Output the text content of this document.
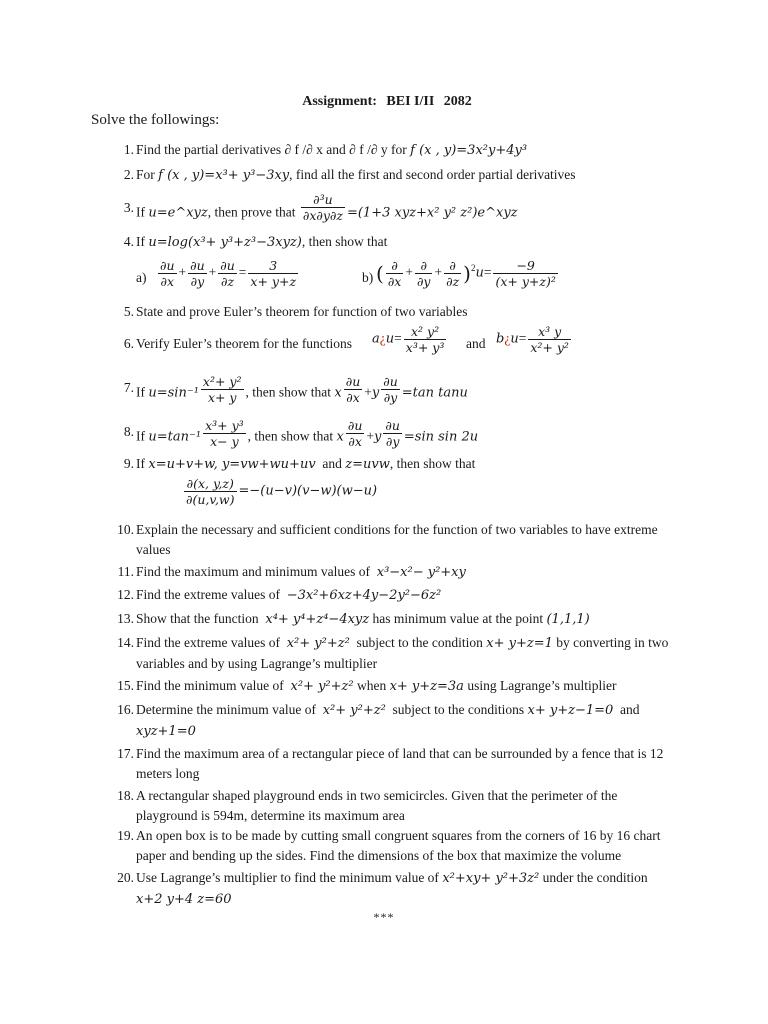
Assignment: BEI I/II 2082
Solve the followings:
1. Find the partial derivatives ∂ f /∂ x and ∂ f /∂ y for f (x , y)=3x²y+4y³
2. For f (x , y)=x³+ y³−3xy, find all the first and second order partial derivatives
3. If u=e^xyz, then prove that $\frac{\text{∂³u}}{\partial x\partial y\partial z} =(1+3$ xyz+x² y² z²)e^xyz
4. If u=log(x³+ y³+z³−3xyz), then show that
$a) \frac{\partial u}{\partial x} + \frac{\partial u}{\partial y} + \frac{\partial u}{\partial z} = \frac{3}{x+ y+z}$	b) ( $\frac{\partial}{\partial x} + \frac{\partial}{\partial y} + \frac{\partial}{\partial z} )^2u= \frac{-9}{\text{(x+ y+z)²}}$
5. State and prove Euler’s theorem for function of two variables
6. Verify Euler’s theorem for the functions a¿u= $\frac{\text{x² y²}}{\text{x³+ y³}}$ and b¿u= $\frac{\text{x³ y}}{\text{x²+ y²}}$
7. If $u=\sin^{-1} \frac{\text{x²+ y²}}{x+ y}$ , then show that x $\frac{\partial u}{\partial x} +y \frac{\partial u}{\partial y} =\tan$ tanu
8. If $u=\tan^{-1} \frac{\text{x³+ y³}}{x- y}$ , then show that x $\frac{\partial u}{\partial x} +y \frac{\partial u}{\partial y} =\sin$ sin 2u
9. If x=u+v+w, y=vw+wu+uv and z=uvw, then show that
$\frac{\partial(x, y,z)}{\partial(u,v,w)} =-(u-v)(v-w)(w-u)$
10. Explain the necessary and sufficient conditions for the function of two variables to have extreme values
11. Find the maximum and minimum values of x³−x²− y²+xy
12. Find the extreme values of −3x²+6xz+4y−2y²−6z²
13. Show that the function x⁴+ y⁴+z⁴−4xyz has minimum value at the point (1,1,1)
14. Find the extreme values of x²+ y²+z² subject to the condition x+ y+z=1 by converting in two variables and by using Lagrange’s multiplier
15. Find the minimum value of x²+ y²+z² when x+ y+z=3a using Lagrange’s multiplier
16. Determine the minimum value of x²+ y²+z² subject to the conditions x+ y+z−1=0 and
xyz+1=0
17. Find the maximum area of a rectangular piece of land that can be surrounded by a fence that is 12 meters long
18. A rectangular shaped playground ends in two semicircles. Given that the perimeter of the playground is 594m, determine its maximum area
19. An open box is to be made by cutting small congruent squares from the corners of 16 by 16 chart paper and bending up the sides. Find the dimensions of the box that maximize the volume
20. Use Lagrange’s multiplier to find the minimum value of x²+xy+ y²+3z² under the condition
x+2 y+4 z=60
***
